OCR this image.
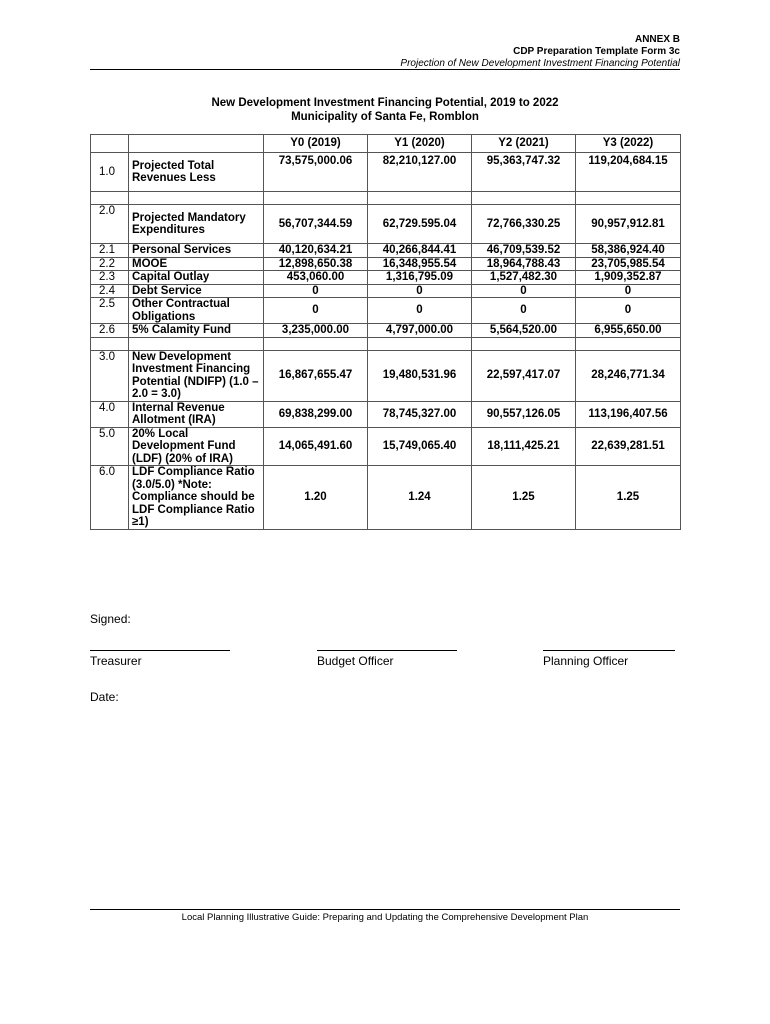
ANNEX B
CDP Preparation Template Form 3c
Projection of New Development Investment Financing Potential
New Development Investment Financing Potential, 2019 to 2022
Municipality of Santa Fe, Romblon
		Y0 (2019)	Y1 (2020)	Y2 (2021)	Y3 (2022)
1.0	Projected Total Revenues Less	73,575,000.06	82,210,127.00	95,363,747.32	119,204,684.15

2.0	Projected Mandatory Expenditures	56,707,344.59	62,729.595.04	72,766,330.25	90,957,912.81
2.1	Personal Services	40,120,634.21	40,266,844.41	46,709,539.52	58,386,924.40
2.2	MOOE	12,898,650.38	16,348,955.54	18,964,788.43	23,705,985.54
2.3	Capital Outlay	453,060.00	1,316,795.09	1,527,482.30	1,909,352.87
2.4	Debt Service	0	0	0	0
2.5	Other Contractual Obligations	0	0	0	0
2.6	5% Calamity Fund	3,235,000.00	4,797,000.00	5,564,520.00	6,955,650.00

3.0	New Development Investment Financing Potential (NDIFP) (1.0 – 2.0 = 3.0)	16,867,655.47	19,480,531.96	22,597,417.07	28,246,771.34
4.0	Internal Revenue Allotment (IRA)	69,838,299.00	78,745,327.00	90,557,126.05	113,196,407.56
5.0	20% Local Development Fund (LDF) (20% of IRA)	14,065,491.60	15,749,065.40	18,111,425.21	22,639,281.51
6.0	LDF Compliance Ratio (3.0/5.0) *Note: Compliance should be LDF Compliance Ratio ≥1)	1.20	1.24	1.25	1.25
Signed:
Treasurer	Budget Officer	Planning Officer
Date:
Local Planning Illustrative Guide: Preparing and Updating the Comprehensive Development Plan
